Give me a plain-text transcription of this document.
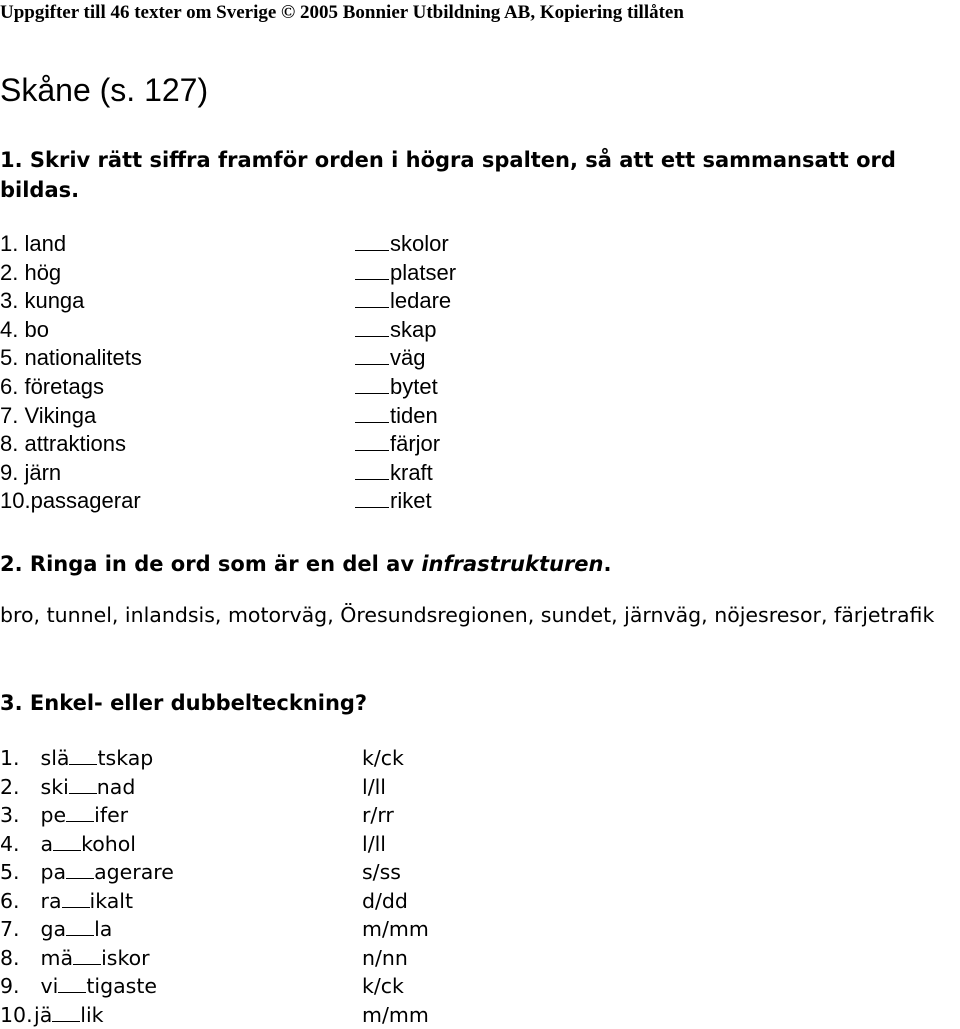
Uppgifter till 46 texter om Sverige © 2005 Bonnier Utbildning AB, Kopiering tillåten
Skåne (s. 127)
1. Skriv rätt siffra framför orden i högra spalten, så att ett sammansatt ord bildas.
1. land
2. hög
3. kunga
4. bo
5. nationalitets
6. företags
7. Vikinga
8. attraktions
9. järn
10.passagerar
skolor
platser
ledare
skap
väg
bytet
tiden
färjor
kraft
riket
2. Ringa in de ord som är en del av infrastrukturen.
bro, tunnel, inlandsis, motorväg, Öresundsregionen, sundet, järnväg, nöjesresor, färjetrafik
3. Enkel- eller dubbelteckning?
1. slä tskap
2. ski nad
3. pe ifer
4. a kohol
5. pa agerare
6. ra ikalt
7. ga la
8. mä iskor
9. vi tigaste
10.jä lik
k/ck
l/ll
r/rr
l/ll
s/ss
d/dd
m/mm
n/nn
k/ck
m/mm
